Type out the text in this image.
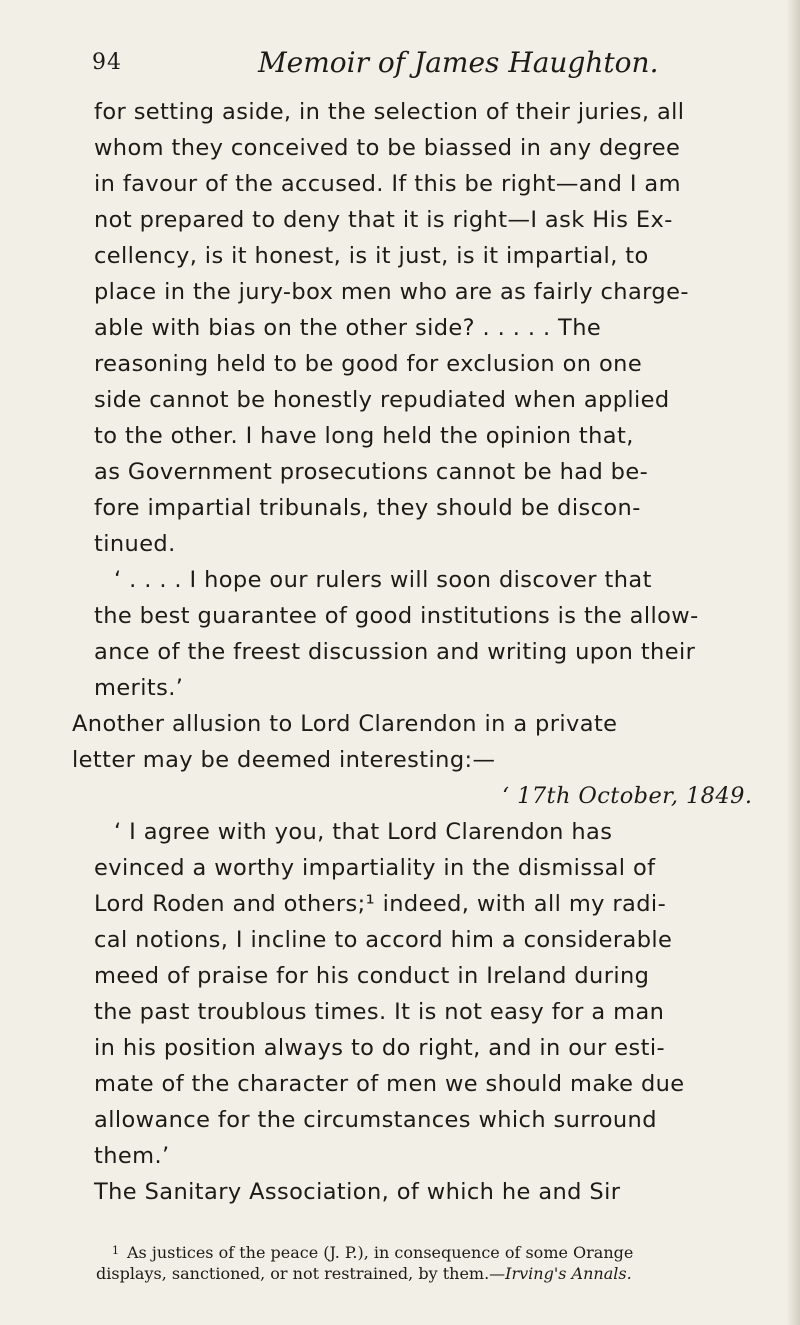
94	Memoir of James Haughton.
for setting aside, in the selection of their juries, all
whom they conceived to be biassed in any degree
in favour of the accused. If this be right—and I am
not prepared to deny that it is right—I ask His Ex-
cellency, is it honest, is it just, is it impartial, to
place in the jury-box men who are as fairly charge-
able with bias on the other side? . . . . . The
reasoning held to be good for exclusion on one
side cannot be honestly repudiated when applied
to the other. I have long held the opinion that,
as Government prosecutions cannot be had be-
fore impartial tribunals, they should be discon-
tinued.
‘ . . . . I hope our rulers will soon discover that
the best guarantee of good institutions is the allow-
ance of the freest discussion and writing upon their
merits.’
Another allusion to Lord Clarendon in a private
letter may be deemed interesting:—
‘ 17th October, 1849.
‘ I agree with you, that Lord Clarendon has
evinced a worthy impartiality in the dismissal of
Lord Roden and others;¹ indeed, with all my radi-
cal notions, I incline to accord him a considerable
meed of praise for his conduct in Ireland during
the past troublous times. It is not easy for a man
in his position always to do right, and in our esti-
mate of the character of men we should make due
allowance for the circumstances which surround
them.’
The Sanitary Association, of which he and Sir
$^1$ As justices of the peace (J. P.), in consequence of some Orange
displays, sanctioned, or not restrained, by them.—Irving's Annals.
